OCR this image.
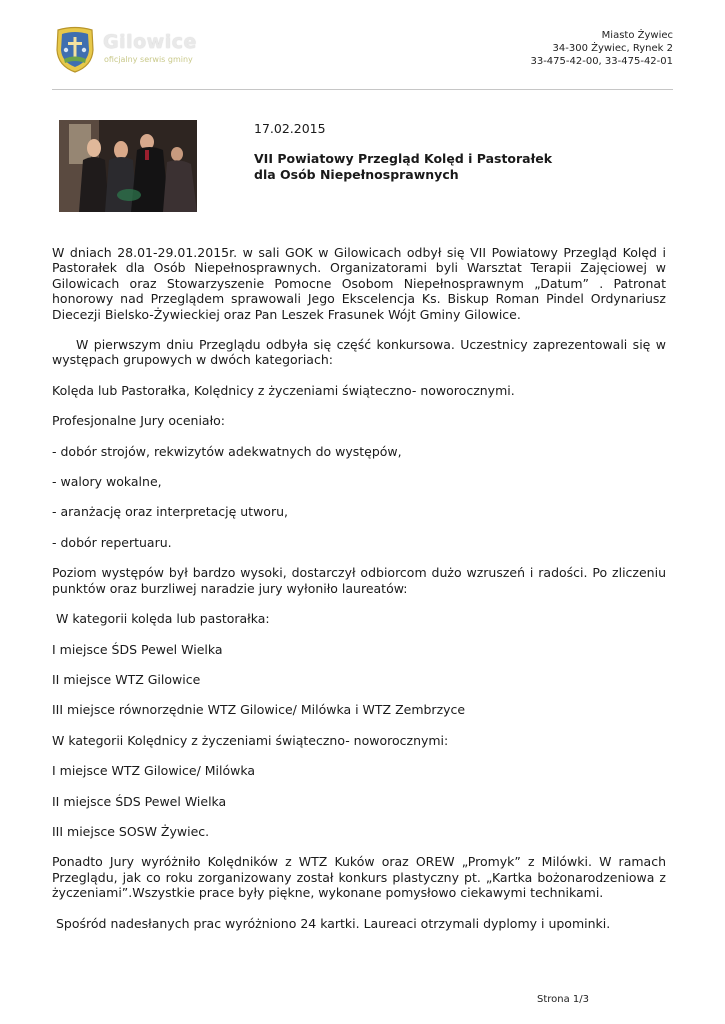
Gilowice
oficjalny serwis gminy
Miasto Żywiec
34-300 Żywiec, Rynek 2
33-475-42-00, 33-475-42-01
17.02.2015
VII Powiatowy Przegląd Kolęd i Pastorałek
dla Osób Niepełnosprawnych

W dniach 28.01-29.01.2015r. w sali GOK w Gilowicach odbył się VII Powiatowy Przegląd Kolęd i Pastorałek dla Osób Niepełnosprawnych. Organizatorami byli Warsztat Terapii Zajęciowej w Gilowicach oraz Stowarzyszenie Pomocne Osobom Niepełnosprawnym „Datum” . Patronat honorowy nad Przeglądem sprawowali Jego Ekscelencja Ks. Biskup Roman Pindel Ordynariusz Diecezji Bielsko-Żywieckiej oraz Pan Leszek Frasunek Wójt Gminy Gilowice.

W pierwszym dniu Przeglądu odbyła się część konkursowa. Uczestnicy zaprezentowali się w występach grupowych w dwóch kategoriach:

Kolęda lub Pastorałka, Kolędnicy z życzeniami świąteczno- noworocznymi.

Profesjonalne Jury oceniało:

- dobór strojów, rekwizytów adekwatnych do występów,

- walory wokalne,

- aranżację oraz interpretację utworu,

- dobór repertuaru.

Poziom występów był bardzo wysoki, dostarczył odbiorcom dużo wzruszeń i radości. Po zliczeniu punktów oraz burzliwej naradzie jury wyłoniło laureatów:

W kategorii kolęda lub pastorałka:

I miejsce ŚDS Pewel Wielka

II miejsce WTZ Gilowice

III miejsce równorzędnie WTZ Gilowice/ Milówka i WTZ Zembrzyce

W kategorii Kolędnicy z życzeniami świąteczno- noworocznymi:

I miejsce WTZ Gilowice/ Milówka

II miejsce ŚDS Pewel Wielka

III miejsce SOSW Żywiec.

Ponadto Jury wyróżniło Kolędników z WTZ Kuków oraz OREW „Promyk” z Milówki. W ramach Przeglądu, jak co roku zorganizowany został konkurs plastyczny pt. „Kartka bożonarodzeniowa z życzeniami”.Wszystkie prace były piękne, wykonane pomysłowo ciekawymi technikami.

Spośród nadesłanych prac wyróżniono 24 kartki. Laureaci otrzymali dyplomy i upominki.

Strona 1/3
